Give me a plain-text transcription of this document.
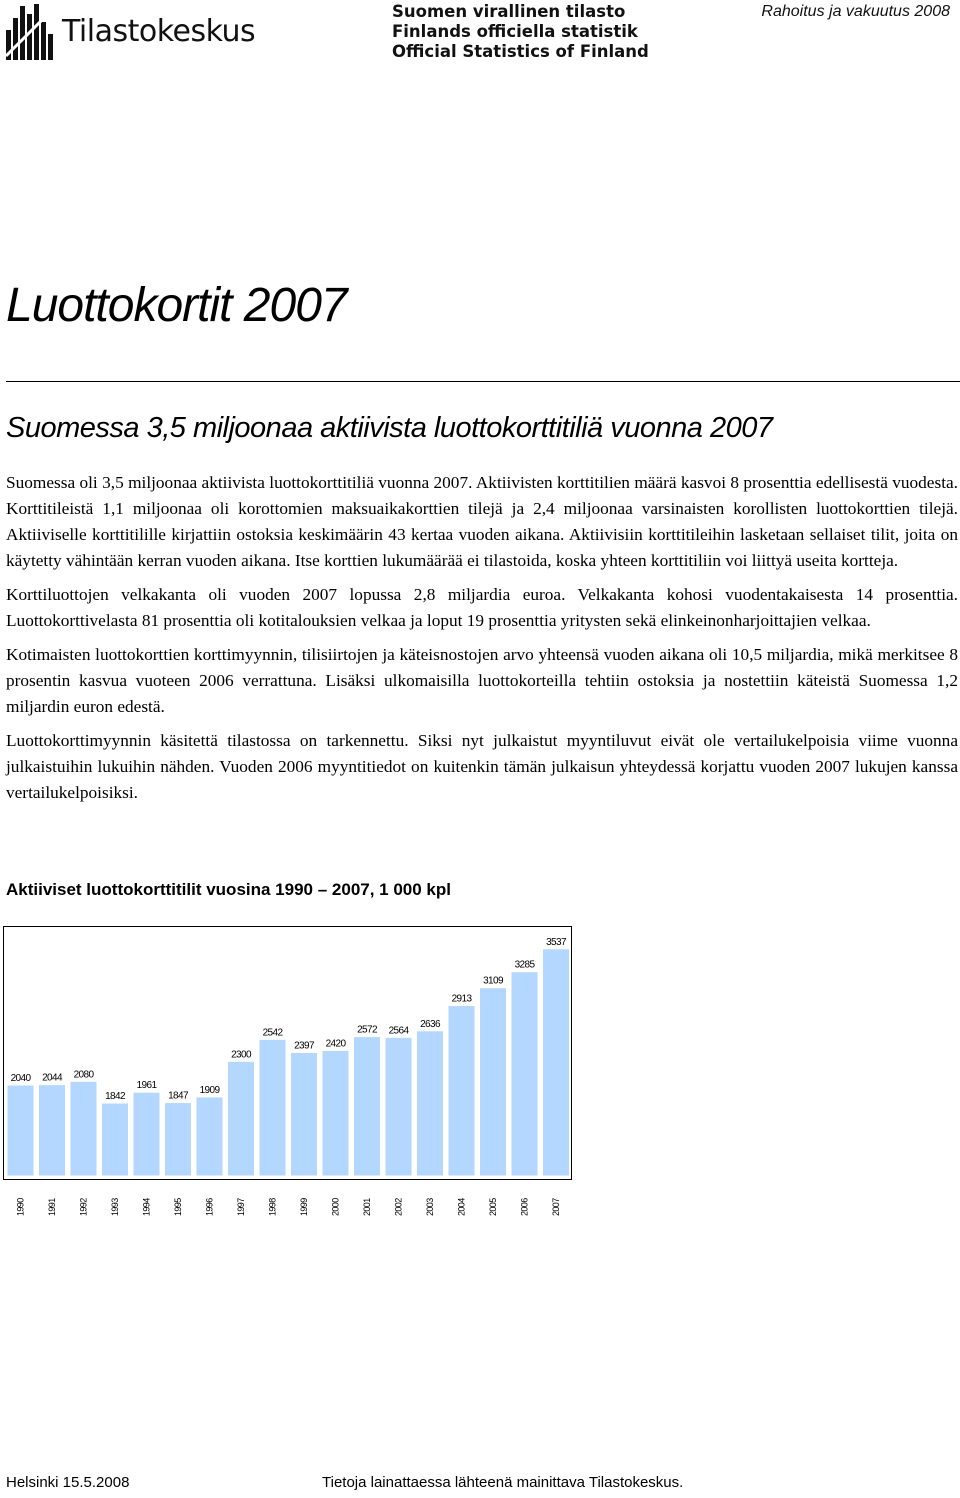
Tilastokeskus
Suomen virallinen tilasto
Finlands officiella statistik
Official Statistics of Finland
Rahoitus ja vakuutus 2008
Luottokortit 2007
Suomessa 3,5 miljoonaa aktiivista luottokorttitiliä vuonna 2007

Suomessa oli 3,5 miljoonaa aktiivista luottokorttitiliä vuonna 2007. Aktiivisten korttitilien määrä kasvoi 8 prosenttia edellisestä vuodesta. Korttitileistä 1,1 miljoonaa oli korottomien maksuaikakorttien tilejä ja 2,4 miljoonaa varsinaisten korollisten luottokorttien tilejä. Aktiiviselle korttitilille kirjattiin ostoksia keskimäärin 43 kertaa vuoden aikana. Aktiivisiin korttitileihin lasketaan sellaiset tilit, joita on käytetty vähintään kerran vuoden aikana. Itse korttien lukumäärää ei tilastoida, koska yhteen korttitiliin voi liittyä useita kortteja.

Korttiluottojen velkakanta oli vuoden 2007 lopussa 2,8 miljardia euroa. Velkakanta kohosi vuodentakaisesta 14 prosenttia. Luottokorttivelasta 81 prosenttia oli kotitalouksien velkaa ja loput 19 prosenttia yritysten sekä elinkeinonharjoittajien velkaa.

Kotimaisten luottokorttien korttimyynnin, tilisiirtojen ja käteisnostojen arvo yhteensä vuoden aikana oli 10,5 miljardia, mikä merkitsee 8 prosentin kasvua vuoteen 2006 verrattuna. Lisäksi ulkomaisilla luottokorteilla tehtiin ostoksia ja nostettiin käteistä Suomessa 1,2 miljardin euron edestä.

Luottokorttimyynnin käsitettä tilastossa on tarkennettu. Siksi nyt julkaistut myyntiluvut eivät ole vertailukelpoisia viime vuonna julkaistuihin lukuihin nähden. Vuoden 2006 myyntitiedot on kuitenkin tämän julkaisun yhteydessä korjattu vuoden 2007 lukujen kanssa vertailukelpoisiksi.

Aktiiviset luottokorttitilit vuosina 1990 – 2007, 1 000 kpl
2040
1990
2044
1991
2080
1992
1842
1993
1961
1994
1847
1995
1909
1996
2300
1997
2542
1998
2397
1999
2420
2000
2572
2001
2564
2002
2636
2003
2913
2004
3109
2005
3285
2006
3537
2007
Helsinki 15.5.2008	Tietoja lainattaessa lähteenä mainittava Tilastokeskus.
